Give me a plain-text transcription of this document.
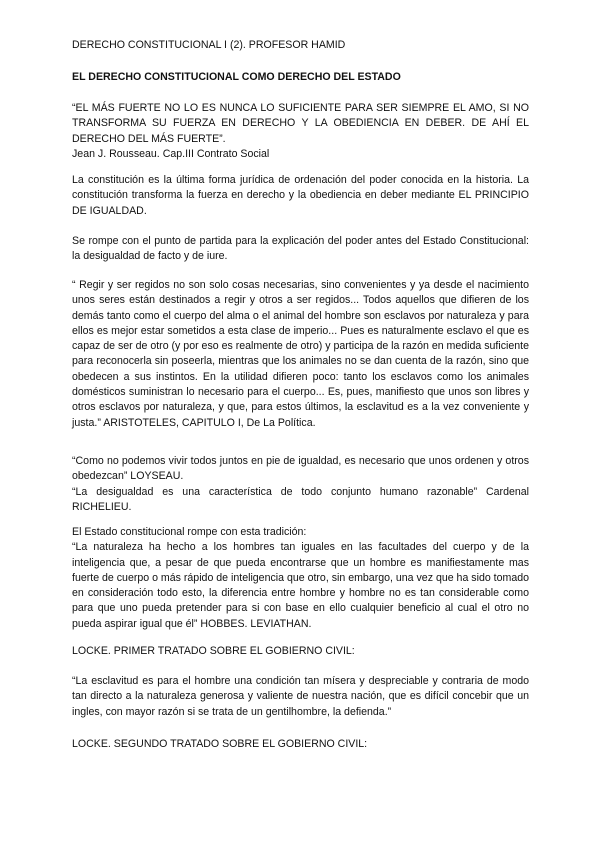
DERECHO CONSTITUCIONAL I (2). PROFESOR HAMID

EL DERECHO CONSTITUCIONAL COMO DERECHO DEL ESTADO

“EL MÁS FUERTE NO LO ES NUNCA LO SUFICIENTE PARA SER SIEMPRE EL AMO, SI NO TRANSFORMA SU FUERZA EN DERECHO Y LA OBEDIENCIA EN DEBER. DE AHÍ EL DERECHO DEL MÁS FUERTE”.
Jean J. Rousseau. Cap.III Contrato Social

La constitución es la última forma jurídica de ordenación del poder conocida en la historia. La constitución transforma la fuerza en derecho y la obediencia en deber mediante EL PRINCIPIO DE IGUALDAD.

Se rompe con el punto de partida para la explicación del poder antes del Estado Constitucional: la desigualdad de facto y de iure.

“ Regir y ser regidos no son solo cosas necesarias, sino convenientes y ya desde el nacimiento unos seres están destinados a regir y otros a ser regidos... Todos aquellos que difieren de los demás tanto como el cuerpo del alma o el animal del hombre son esclavos por naturaleza y para ellos es mejor estar sometidos a esta clase de imperio... Pues es naturalmente esclavo el que es capaz de ser de otro (y por eso es realmente de otro) y participa de la razón en medida suficiente para reconocerla sin poseerla, mientras que los animales no se dan cuenta de la razón, sino que obedecen a sus instintos. En la utilidad difieren poco: tanto los esclavos como los animales domésticos suministran lo necesario para el cuerpo... Es, pues, manifiesto que unos son libres y otros esclavos por naturaleza, y que, para estos últimos, la esclavitud es a la vez conveniente y justa.” ARISTOTELES, CAPITULO I, De La Política.

“Como no podemos vivir todos juntos en pie de igualdad, es necesario que unos ordenen y otros obedezcan” LOYSEAU.
“La desigualdad es una característica de todo conjunto humano razonable” Cardenal RICHELIEU.
El Estado constitucional rompe con esta tradición:
“La naturaleza ha hecho a los hombres tan iguales en las facultades del cuerpo y de la inteligencia que, a pesar de que pueda encontrarse que un hombre es manifiestamente mas fuerte de cuerpo o más rápido de inteligencia que otro, sin embargo, una vez que ha sido tomado en consideración todo esto, la diferencia entre hombre y hombre no es tan considerable como para que uno pueda pretender para si con base en ello cualquier beneficio al cual el otro no pueda aspirar igual que él” HOBBES. LEVIATHAN.

LOCKE. PRIMER TRATADO SOBRE EL GOBIERNO CIVIL:

“La esclavitud es para el hombre una condición tan mísera y despreciable y contraria de modo tan directo a la naturaleza generosa y valiente de nuestra nación, que es difícil concebir que un ingles, con mayor razón si se trata de un gentilhombre, la defienda.”

LOCKE. SEGUNDO TRATADO SOBRE EL GOBIERNO CIVIL:
